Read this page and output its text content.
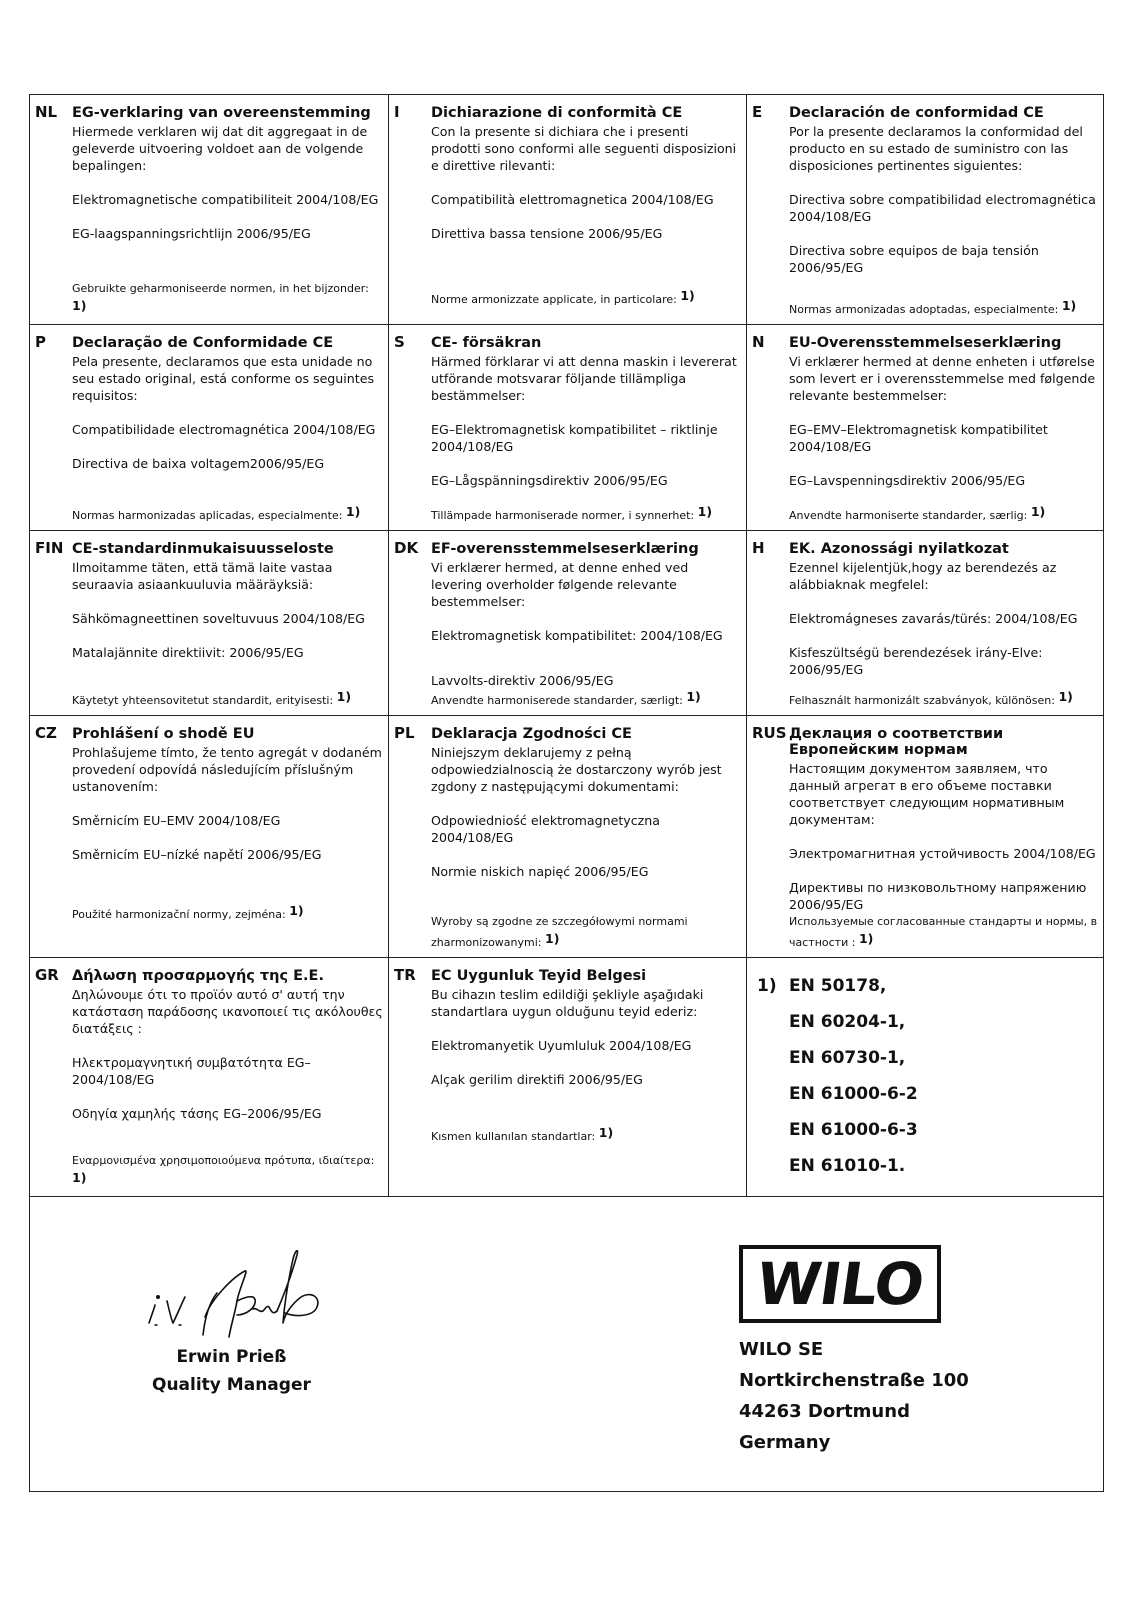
NL EG-verklaring van overeenstemming
Hiermede verklaren wij dat dit aggregaat in de geleverde uitvoering voldoet aan de volgende bepalingen:
Elektromagnetische compatibiliteit 2004/108/EG
EG-laagspanningsrichtlijn 2006/95/EG
Gebruikte geharmoniseerde normen, in het bijzonder: 1)
I Dichiarazione di conformità CE
Con la presente si dichiara che i presenti prodotti sono conformi alle seguenti disposizioni e direttive rilevanti:
Compatibilità elettromagnetica 2004/108/EG
Direttiva bassa tensione 2006/95/EG
Norme armonizzate applicate, in particolare: 1)
E Declaración de conformidad CE
Por la presente declaramos la conformidad del producto en su estado de suministro con las disposiciones pertinentes siguientes:
Directiva sobre compatibilidad electromagnética 2004/108/EG
Directiva sobre equipos de baja tensión 2006/95/EG
Normas armonizadas adoptadas, especialmente: 1)
P Declaração de Conformidade CE
Pela presente, declaramos que esta unidade no seu estado original, está conforme os seguintes requisitos:
Compatibilidade electromagnética 2004/108/EG
Directiva de baixa voltagem2006/95/EG
Normas harmonizadas aplicadas, especialmente: 1)
S CE- försäkran
Härmed förklarar vi att denna maskin i levererat utförande motsvarar följande tillämpliga bestämmelser:
EG–Elektromagnetisk kompatibilitet – riktlinje 2004/108/EG
EG–Lågspänningsdirektiv 2006/95/EG
Tillämpade harmoniserade normer, i synnerhet: 1)
N EU-Overensstemmelseserklæring
Vi erklærer hermed at denne enheten i utførelse som levert er i overensstemmelse med følgende relevante bestemmelser:
EG–EMV–Elektromagnetisk kompatibilitet 2004/108/EG
EG–Lavspenningsdirektiv 2006/95/EG
Anvendte harmoniserte standarder, særlig: 1)
FIN CE-standardinmukaisuusseloste
Ilmoitamme täten, että tämä laite vastaa seuraavia asiaankuuluvia määräyksiä:
Sähkömagneettinen soveltuvuus 2004/108/EG
Matalajännite direktiivit: 2006/95/EG
Käytetyt yhteensovitetut standardit, erityisesti: 1)
DK EF-overensstemmelseserklæring
Vi erklærer hermed, at denne enhed ved levering overholder følgende relevante bestemmelser:
Elektromagnetisk kompatibilitet: 2004/108/EG
Lavvolts-direktiv 2006/95/EG
Anvendte harmoniserede standarder, særligt: 1)
H EK. Azonossági nyilatkozat
Ezennel kijelentjük,hogy az berendezés az alábbiaknak megfelel:
Elektromágneses zavarás/türés: 2004/108/EG
Kisfeszültségü berendezések irány-Elve: 2006/95/EG
Felhasznált harmonizált szabványok, különösen: 1)
CZ Prohlášení o shodě EU
Prohlašujeme tímto, že tento agregát v dodaném provedení odpovídá následujícím příslušným ustanovením:
Směrnicím EU–EMV 2004/108/EG
Směrnicím EU–nízké napětí 2006/95/EG
Použité harmonizační normy, zejména: 1)
PL Deklaracja Zgodności CE
Niniejszym deklarujemy z pełną odpowiedzialnoscią że dostarczony wyrób jest zgdony z następującymi dokumentami:
Odpowiedniość elektromagnetyczna 2004/108/EG
Normie niskich napięć 2006/95/EG
Wyroby są zgodne ze szczegółowymi normami zharmonizowanymi: 1)
RUS Деклация о соответствии Европейским нормам
Настоящим документом заявляем, что данный агрегат в его объеме поставки соответствует следующим нормативным документам:
Электромагнитная устойчивость 2004/108/EG
Директивы по низковольтному напряжению 2006/95/EG
Используемые согласованные стандарты и нормы, в частности : 1)
GR Δήλωση προσαρμογής της Ε.Ε.
Δηλώνουμε ότι το προϊόν αυτό σ' αυτή την κατάσταση παράδοσης ικανοποιεί τις ακόλουθες διατάξεις :
Ηλεκτρομαγνητική συμβατότητα EG–2004/108/EG
Οδηγία χαμηλής τάσης EG–2006/95/EG
Εναρμονισμένα χρησιμοποιούμενα πρότυπα, ιδιαίτερα: 1)
TR EC Uygunluk Teyid Belgesi
Bu cihazın teslim edildiği şekliyle aşağıdaki standartlara uygun olduğunu teyid ederiz:
Elektromanyetik Uyumluluk 2004/108/EG
Alçak gerilim direktifi 2006/95/EG
Kısmen kullanılan standartlar: 1)
1) EN 50178,
EN 60204-1,
EN 60730-1,
EN 61000-6-2
EN 61000-6-3
EN 61010-1.
Erwin Prieß
Quality Manager
WILO
WILO SE
Nortkirchenstraße 100
44263 Dortmund
Germany
